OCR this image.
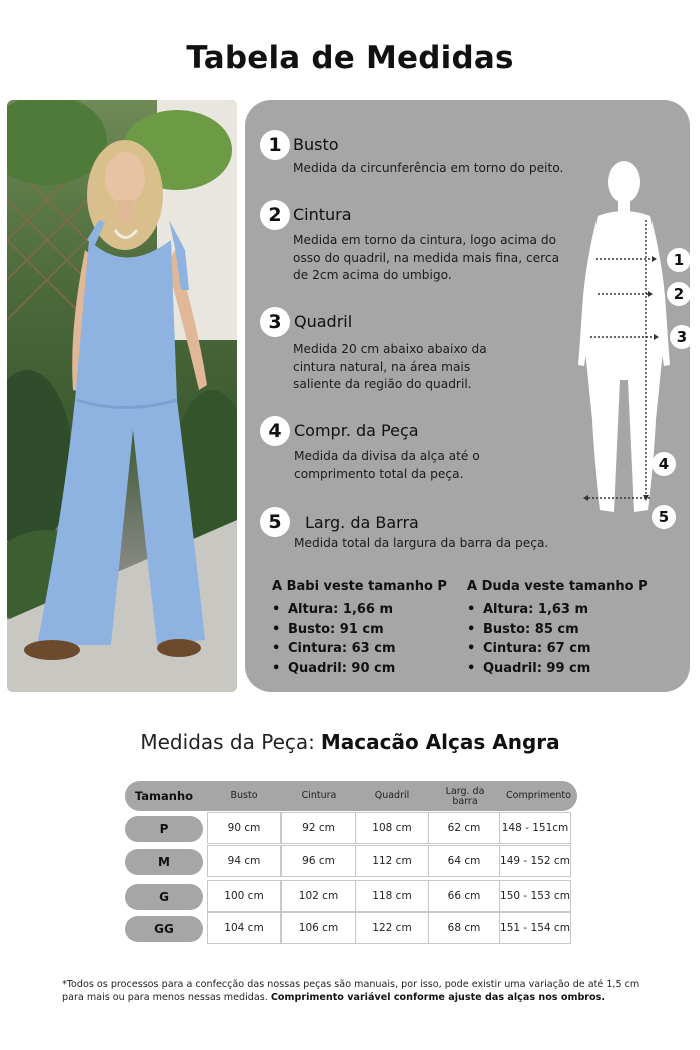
Tabela de Medidas
1 Busto
Medida da circunferência em torno do peito.
2 Cintura
Medida em torno da cintura, logo acima do osso do quadril, na medida mais fina, cerca de 2cm acima do umbigo.
3 Quadril
Medida 20 cm abaixo abaixo da cintura natural, na área mais saliente da região do quadril.
4 Compr. da Peça
Medida da divisa da alça até o comprimento total da peça.
5	Larg. da Barra
Medida total da largura da barra da peça.
1
2
3
4
5
A Babi veste tamanho P
• Altura: 1,66 m
• Busto: 91 cm
• Cintura: 63 cm
• Quadril: 90 cm
A Duda veste tamanho P
• Altura: 1,63 m
• Busto: 85 cm
• Cintura: 67 cm
• Quadril: 99 cm
Medidas da Peça: Macacão Alças Angra
Tamanho	Busto	Cintura	Quadril	Larg. da barra	Comprimento
P	90 cm	92 cm	108 cm	62 cm	148 - 151cm
M	94 cm	96 cm	112 cm	64 cm	149 - 152 cm
G	100 cm	102 cm	118 cm	66 cm	150 - 153 cm
GG	104 cm	106 cm	122 cm	68 cm	151 - 154 cm
*Todos os processos para a confecção das nossas peças são manuais, por isso, pode existir uma variação de até 1,5 cm para mais ou para menos nessas medidas. Comprimento variável conforme ajuste das alças nos ombros.
